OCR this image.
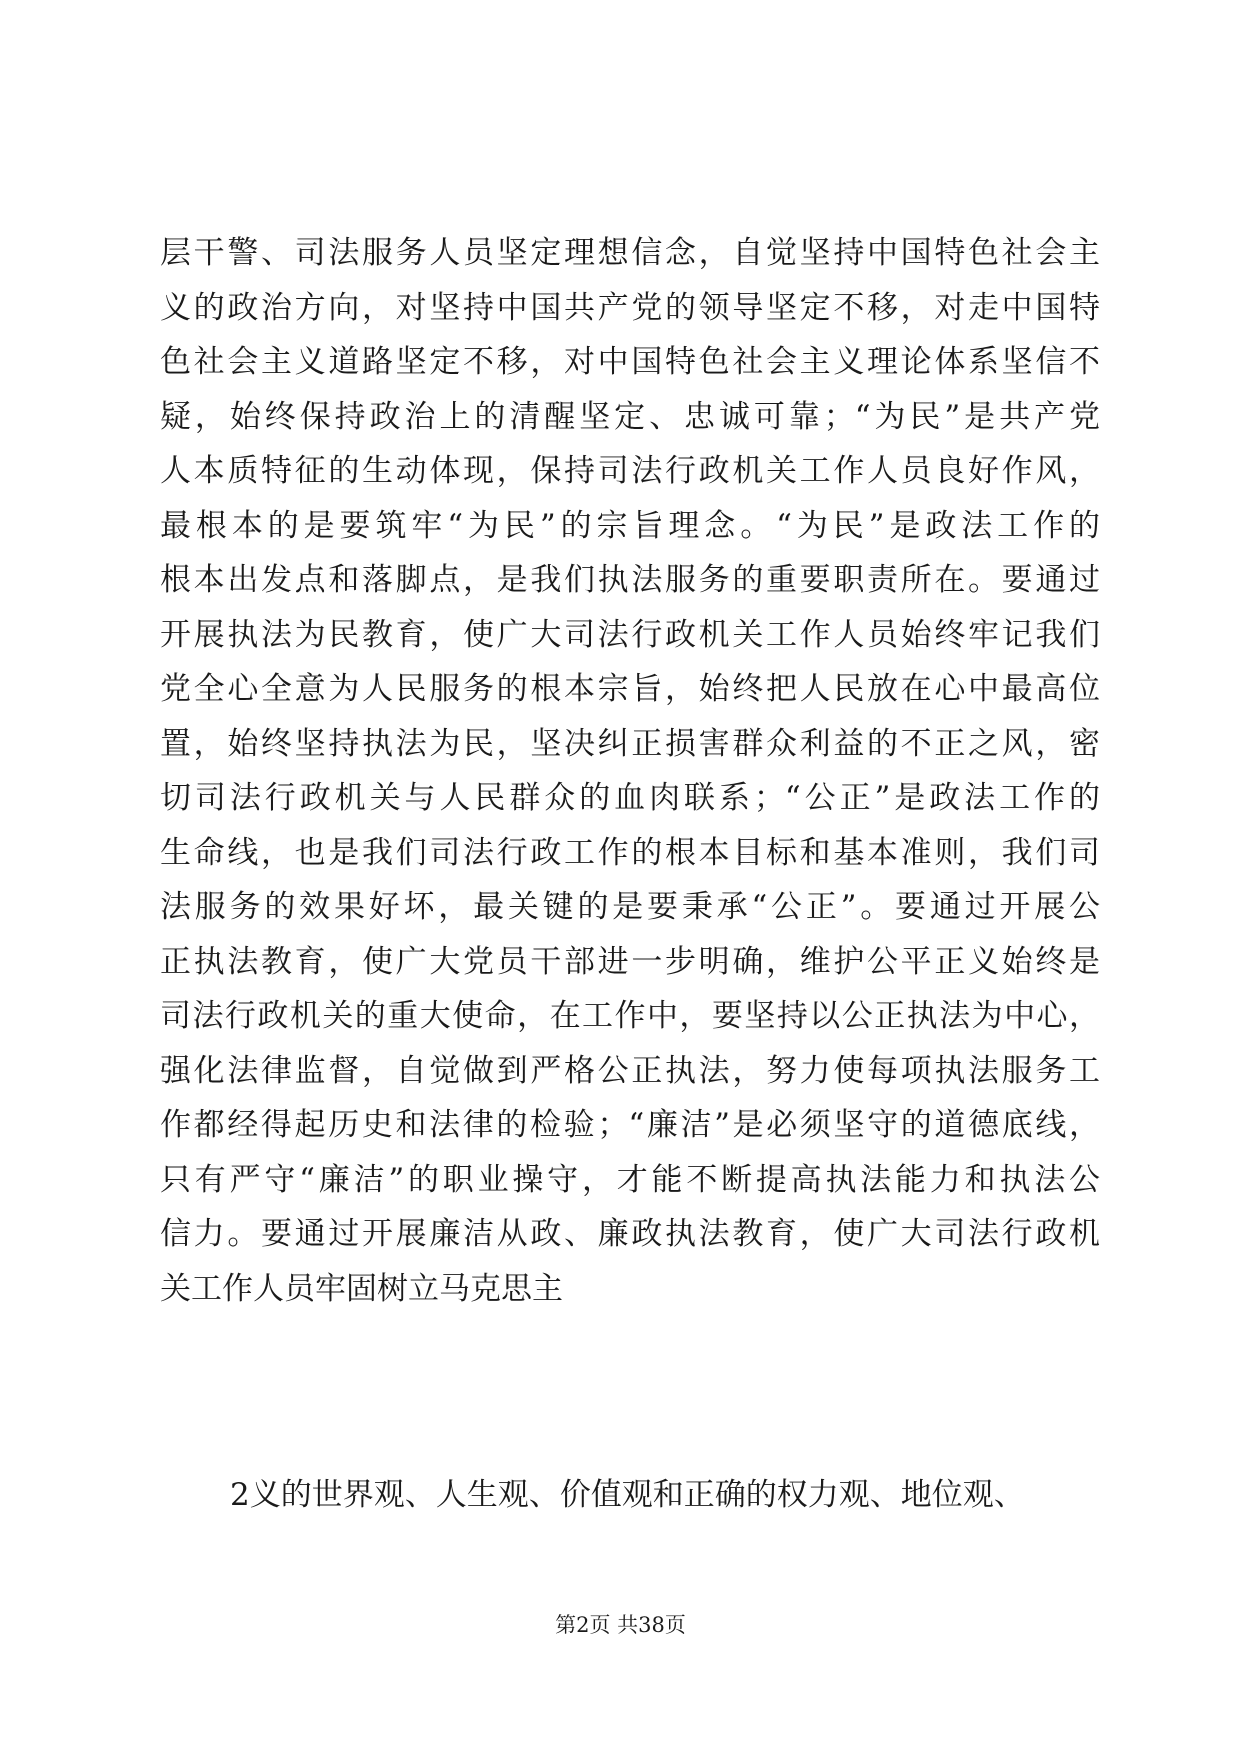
层干警、司法服务人员坚定理想信念，自觉坚持中国特色社会主
义的政治方向，对坚持中国共产党的领导坚定不移，对走中国特
色社会主义道路坚定不移，对中国特色社会主义理论体系坚信不
疑，始终保持政治上的清醒坚定、忠诚可靠；“为民”是共产党
人本质特征的生动体现，保持司法行政机关工作人员良好作风，
最根本的是要筑牢“为民”的宗旨理念。“为民”是政法工作的
根本出发点和落脚点，是我们执法服务的重要职责所在。要通过
开展执法为民教育，使广大司法行政机关工作人员始终牢记我们
党全心全意为人民服务的根本宗旨，始终把人民放在心中最高位
置，始终坚持执法为民，坚决纠正损害群众利益的不正之风，密
切司法行政机关与人民群众的血肉联系；“公正”是政法工作的
生命线，也是我们司法行政工作的根本目标和基本准则，我们司
法服务的效果好坏，最关键的是要秉承“公正”。要通过开展公
正执法教育，使广大党员干部进一步明确，维护公平正义始终是
司法行政机关的重大使命，在工作中，要坚持以公正执法为中心，
强化法律监督，自觉做到严格公正执法，努力使每项执法服务工
作都经得起历史和法律的检验；“廉洁”是必须坚守的道德底线，
只有严守“廉洁”的职业操守，才能不断提高执法能力和执法公
信力。要通过开展廉洁从政、廉政执法教育，使广大司法行政机
关工作人员牢固树立马克思主
2义的世界观、人生观、价值观和正确的权力观、地位观、
第2页 共38页
